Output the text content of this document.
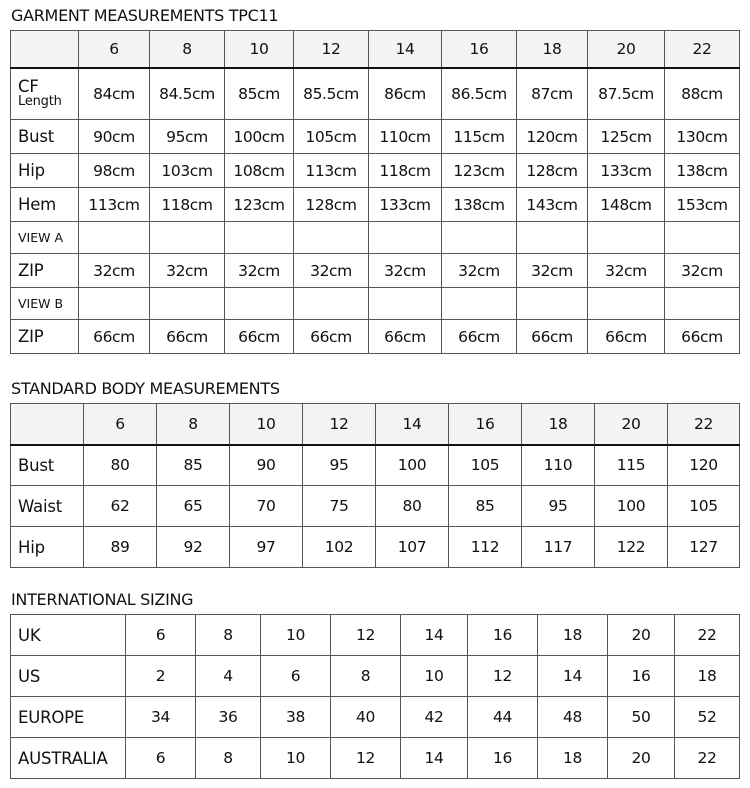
GARMENT MEASUREMENTS TPC11
	6	8	10	12	14	16	18	20	22

CF
Length	84cm	84.5cm	85cm	85.5cm	86cm	86.5cm	87cm	87.5cm	88cm
Bust	90cm	95cm	100cm	105cm	110cm	115cm	120cm	125cm	130cm
Hip	98cm	103cm	108cm	113cm	118cm	123cm	128cm	133cm	138cm
Hem	113cm	118cm	123cm	128cm	133cm	138cm	143cm	148cm	153cm
VIEW A									
ZIP	32cm	32cm	32cm	32cm	32cm	32cm	32cm	32cm	32cm
VIEW B									
ZIP	66cm	66cm	66cm	66cm	66cm	66cm	66cm	66cm	66cm
STANDARD BODY MEASUREMENTS
	6	8	10	12	14	16	18	20	22
Bust	80	85	90	95	100	105	110	115	120
Waist	62	65	70	75	80	85	95	100	105
Hip	89	92	97	102	107	112	117	122	127
INTERNATIONAL SIZING
UK	6	8	10	12	14	16	18	20	22
US	2	4	6	8	10	12	14	16	18
EUROPE	34	36	38	40	42	44	48	50	52
AUSTRALIA	6	8	10	12	14	16	18	20	22
